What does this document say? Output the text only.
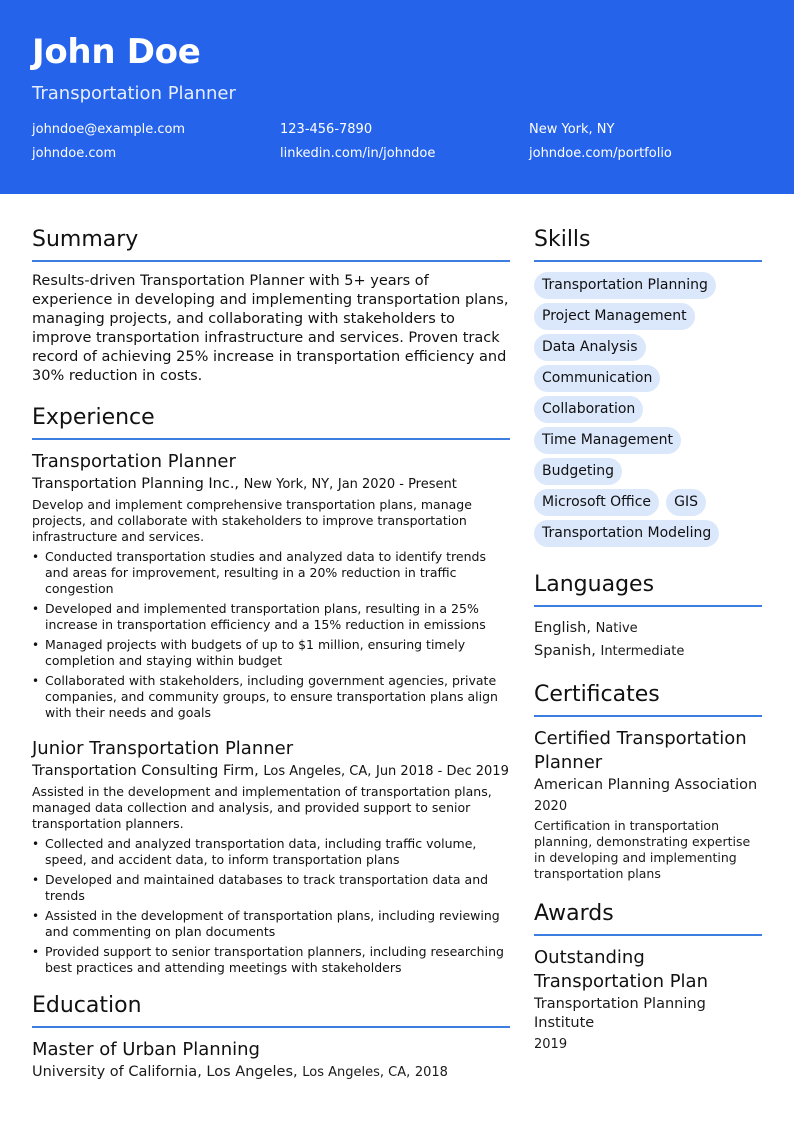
John Doe
Transportation Planner
johndoe@example.com	123-456-7890	New York, NY
johndoe.com	linkedin.com/in/johndoe	johndoe.com/portfolio
Summary
Results-driven Transportation Planner with 5+ years of experience in developing and implementing transportation plans, managing projects, and collaborating with stakeholders to improve transportation infrastructure and services. Proven track record of achieving 25% increase in transportation efficiency and 30% reduction in costs.
Experience
Transportation Planner
Transportation Planning Inc., New York, NY, Jan 2020 - Present
Develop and implement comprehensive transportation plans, manage projects, and collaborate with stakeholders to improve transportation infrastructure and services.
• Conducted transportation studies and analyzed data to identify trends and areas for improvement, resulting in a 20% reduction in traffic congestion
• Developed and implemented transportation plans, resulting in a 25% increase in transportation efficiency and a 15% reduction in emissions
• Managed projects with budgets of up to $1 million, ensuring timely completion and staying within budget
• Collaborated with stakeholders, including government agencies, private companies, and community groups, to ensure transportation plans align with their needs and goals
Junior Transportation Planner
Transportation Consulting Firm, Los Angeles, CA, Jun 2018 - Dec 2019
Assisted in the development and implementation of transportation plans, managed data collection and analysis, and provided support to senior transportation planners.
• Collected and analyzed transportation data, including traffic volume, speed, and accident data, to inform transportation plans
• Developed and maintained databases to track transportation data and trends
• Assisted in the development of transportation plans, including reviewing and commenting on plan documents
• Provided support to senior transportation planners, including researching best practices and attending meetings with stakeholders
Education
Master of Urban Planning
University of California, Los Angeles, Los Angeles, CA, 2018
Skills
Transportation Planning
Project Management
Data Analysis
Communication
Collaboration
Time Management
Budgeting
Microsoft Office GIS
Transportation Modeling
Languages
English, Native
Spanish, Intermediate
Certificates
Certified Transportation Planner
American Planning Association
2020
Certification in transportation planning, demonstrating expertise in developing and implementing transportation plans
Awards
Outstanding Transportation Plan
Transportation Planning Institute
2019
